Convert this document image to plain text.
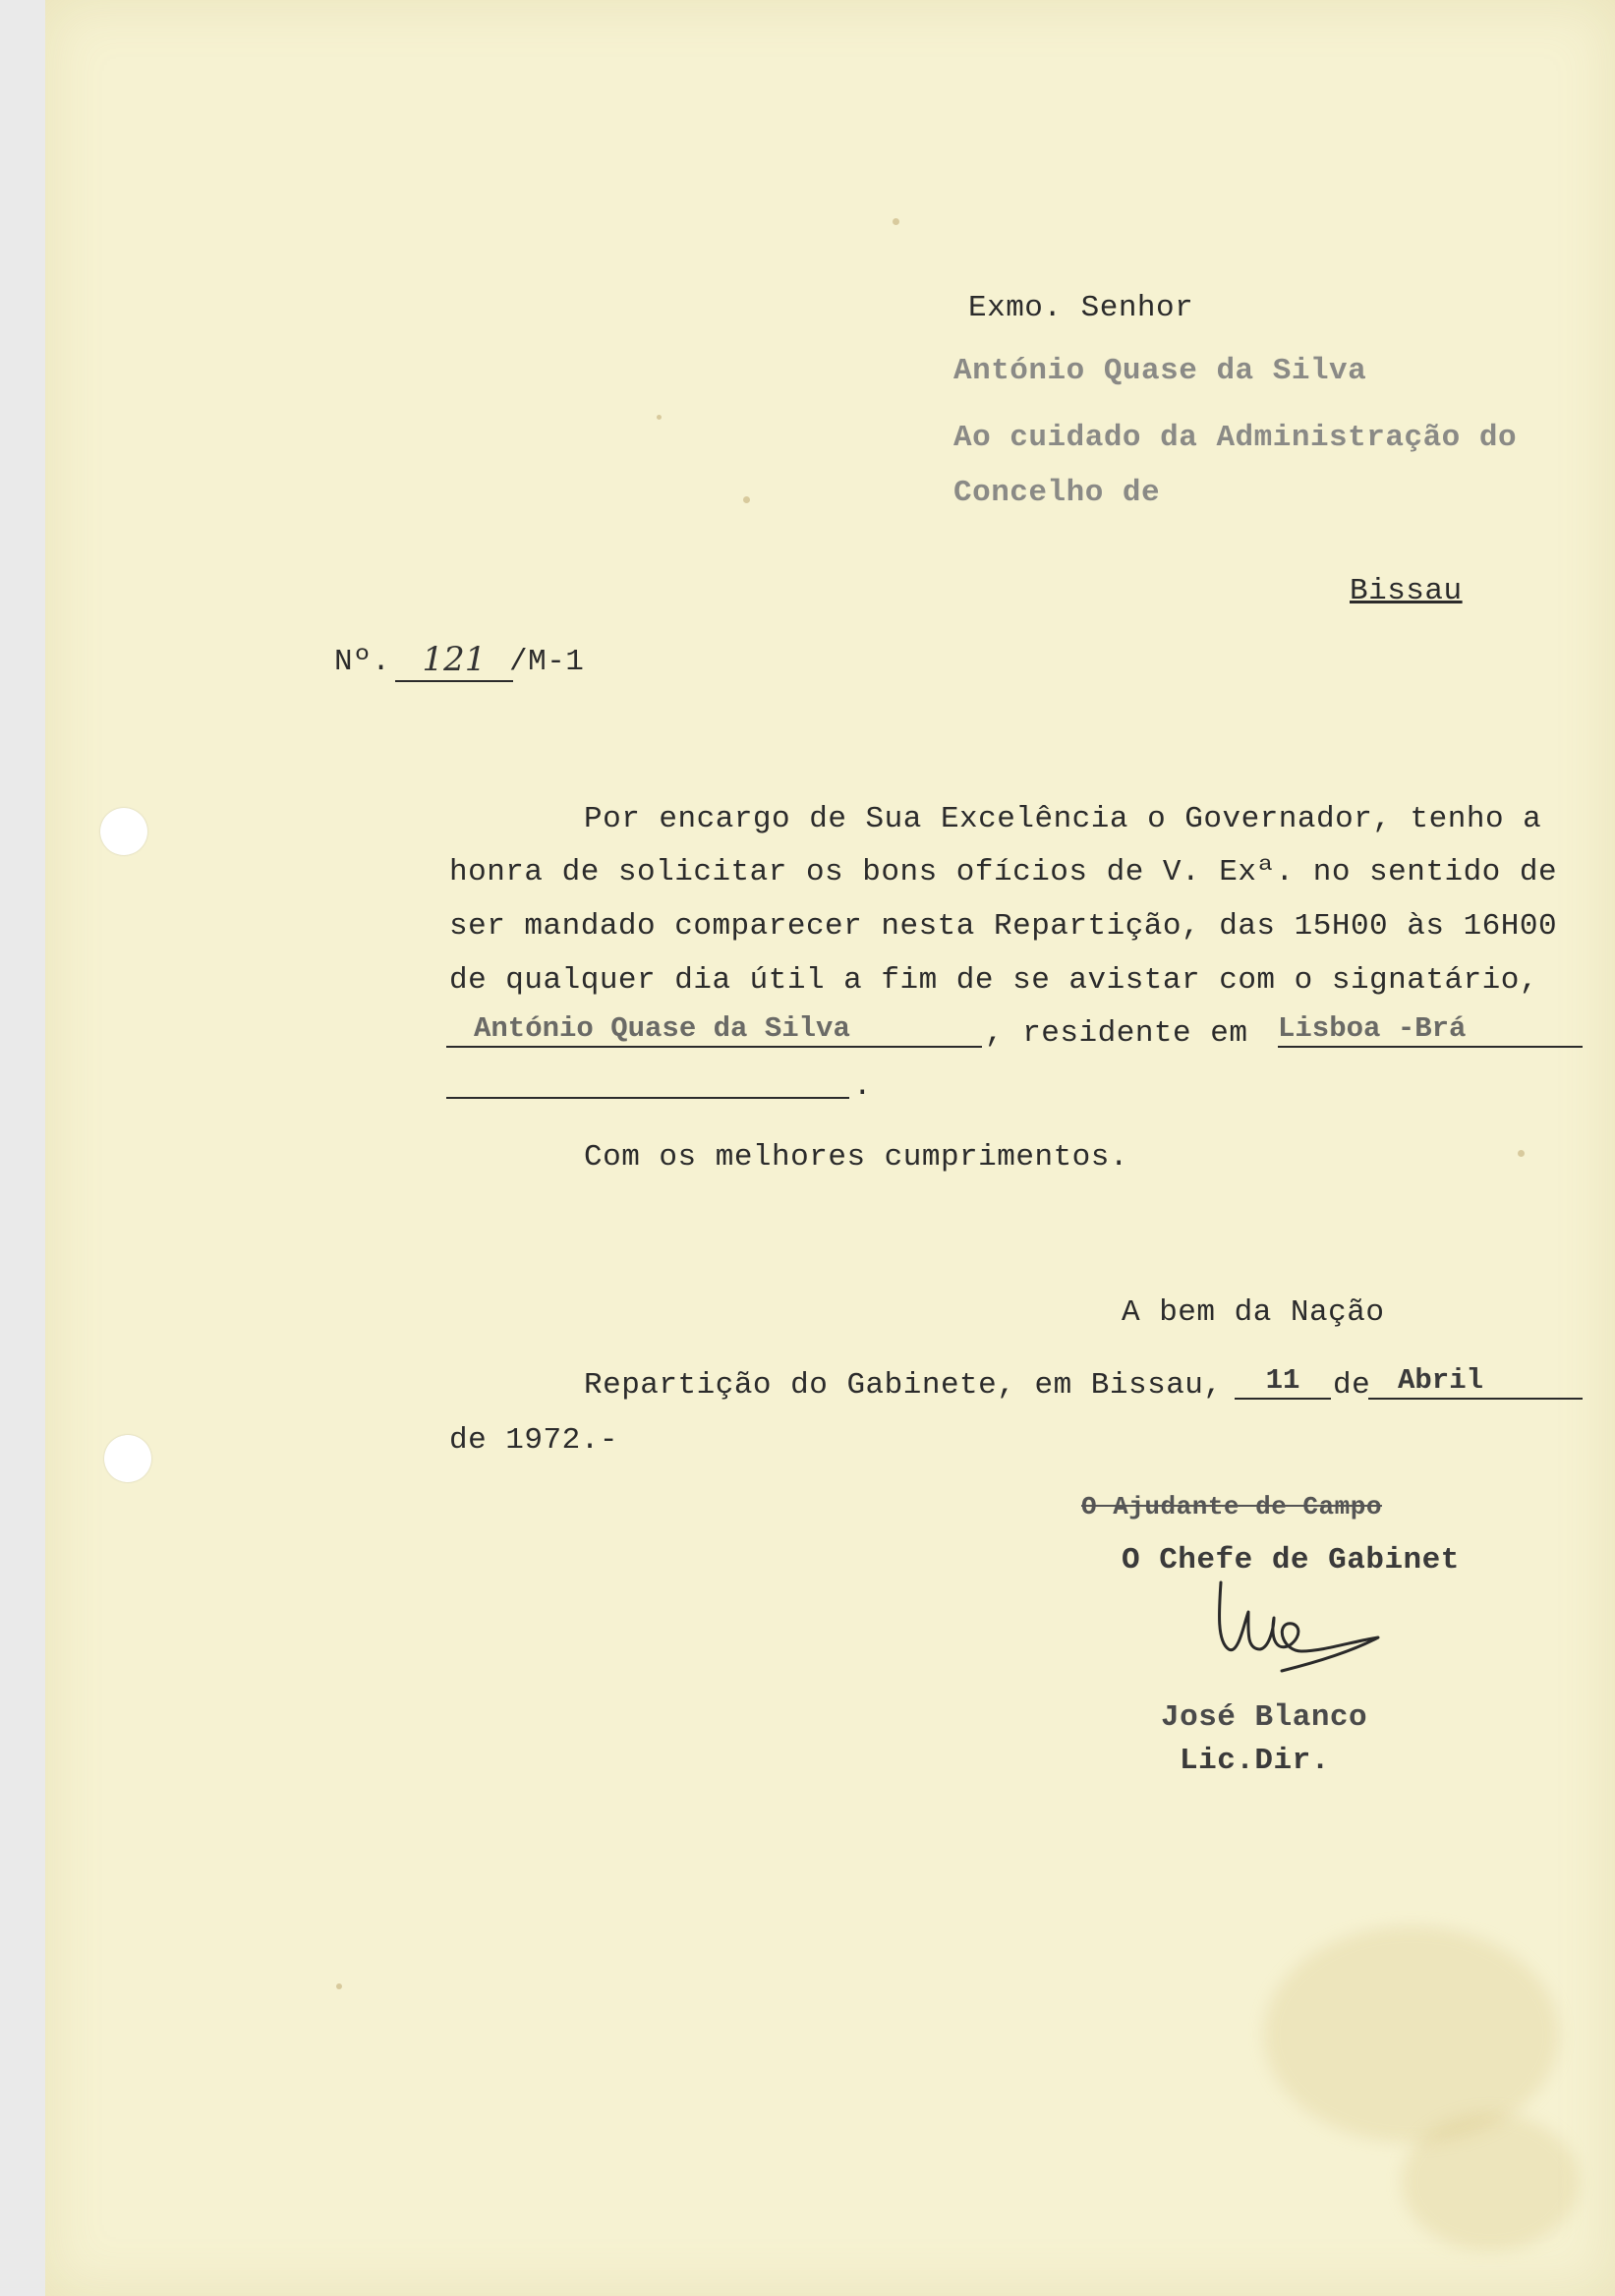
Exmo. Senhor
António Quase da Silva
Ao cuidado da Administração do
Concelho de
Bissau
Nº. 121 /M-1
Por encargo de Sua Excelência o Governador, tenho a
honra de solicitar os bons ofícios de V. Exª. no sentido de
ser mandado comparecer nesta Repartição, das 15H00 às 16H00
de qualquer dia útil a fim de se avistar com o signatário,
António Quase da Silva	, residente em Lisboa -Brá
.
Com os melhores cumprimentos.
A bem da Nação
Repartição do Gabinete, em Bissau,	11	de Abril
de 1972.-
O Ajudante de Campo
O Chefe de Gabinet
José Blanco
Lic.Dir.
